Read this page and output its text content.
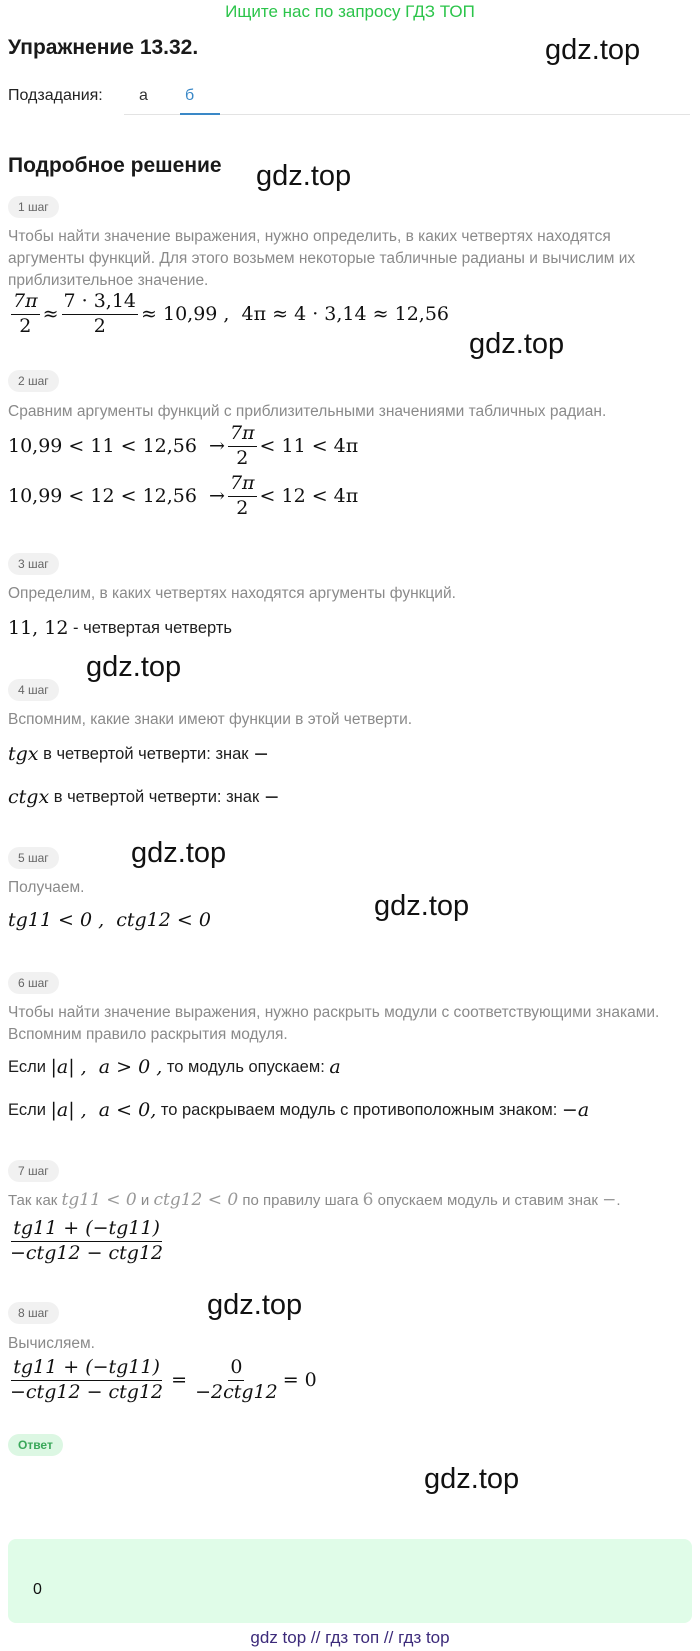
Ищите нас по запросу ГДЗ ТОП
Упражнение 13.32.	gdz.top
Подзадания: а б
Подробное решение gdz.top
1 шаг
Чтобы найти значение выражения, нужно определить, в каких четвертях находятся аргументы функций. Для этого возьмем некоторые табличные радианы и вычислим их приблизительное значение.
$\frac{7\pi}{2} \approx \frac{7 \cdot 3,14}{2} \approx 10,99$ ,  4π ≈ 4 · 3,14 ≈ 12,56
gdz.top
2 шаг
Сравним аргументы функций с приблизительными значениями табличных радиан.
$10,99 < 11 < 12,56 \to \frac{7\pi}{2} < 11 < 4\pi$
$10,99 < 12 < 12,56 \to \frac{7\pi}{2} < 12 < 4\pi$
3 шаг
Определим, в каких четвертях находятся аргументы функций.
11, 12 - четвертая четверть
gdz.top
4 шаг
Вспомним, какие знаки имеют функции в этой четверти.
tgx в четвертой четверти: знак −
ctgx в четвертой четверти: знак −
5 шаг	gdz.top
Получаем.
tg11 < 0 ,  ctg12 < 0	gdz.top
6 шаг
Чтобы найти значение выражения, нужно раскрыть модули с соответствующими знаками. Вспомним правило раскрытия модуля.
Если |a| ,  a > 0 , то модуль опускаем: a
Если |a| ,  a < 0, то раскрываем модуль с противоположным знаком: −a
7 шаг
Так как tg11 < 0 и ctg12 < 0 по правилу шага 6 опускаем модуль и ставим знак − .
$\frac{tg11 + (-tg11)}{\text{−ctg12 − ctg12}}$
8 шаг	gdz.top
Вычисляем.
$\frac{tg11 + (-tg11)}{\text{−ctg12 − ctg12}} = \frac{0}{\text{−2ctg12}} = 0$
Ответ
0
gdz.top
gdz top // гдз топ // гдз top
